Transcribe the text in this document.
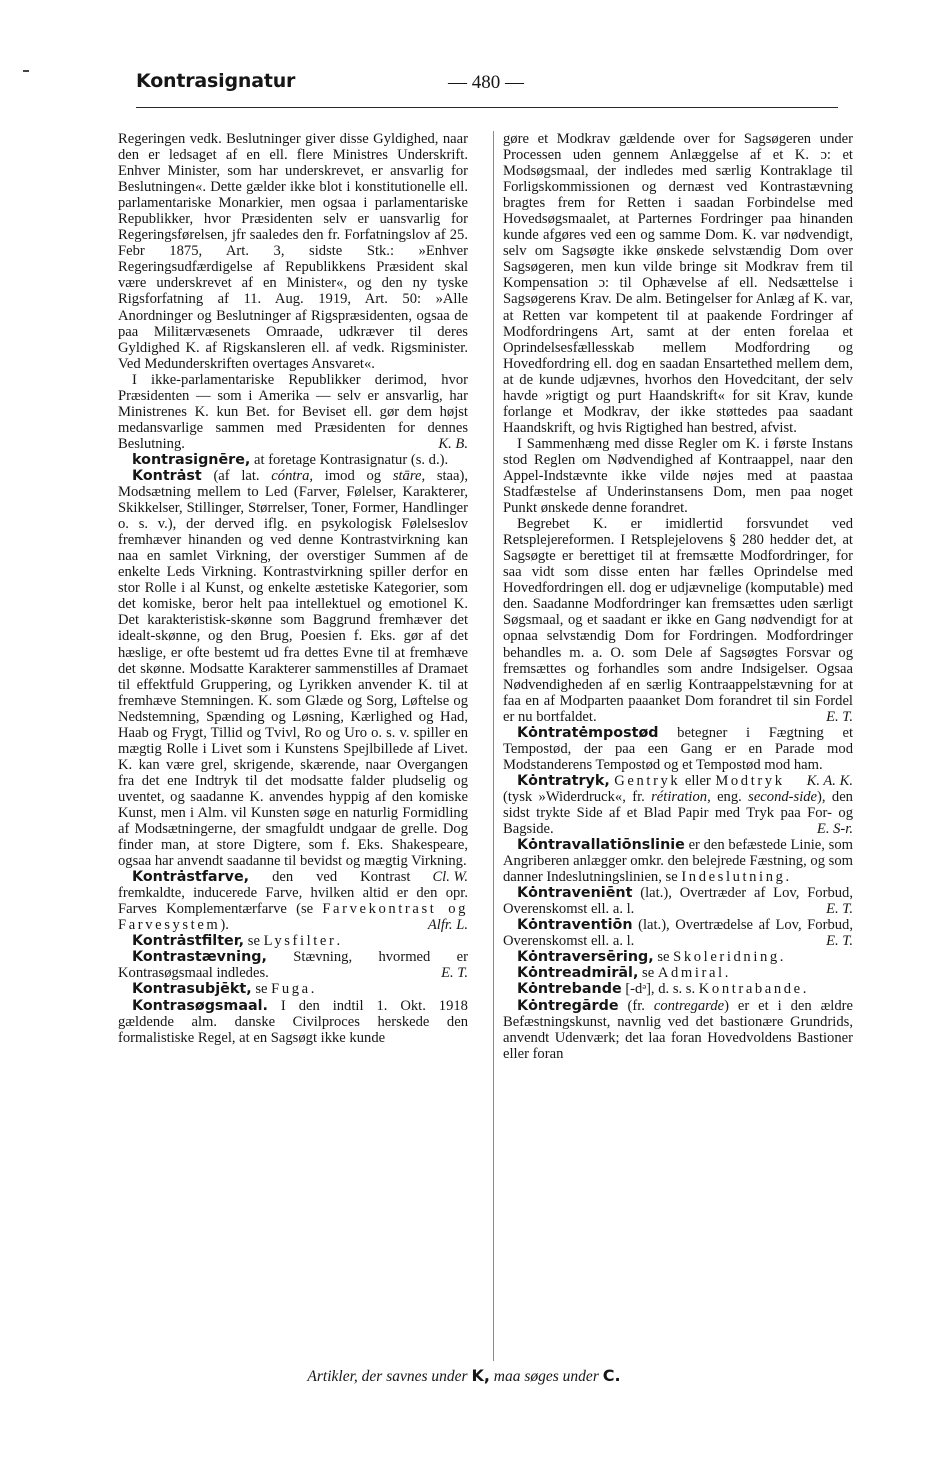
Kontrasignatur	— 480 —

Regeringen vedk. Beslutninger giver disse Gyldighed, naar den er ledsaget af en ell. flere Ministres Underskrift. Enhver Minister, som har underskrevet, er ansvarlig for Beslutningen«. Dette gælder ikke blot i konstitutionelle ell. parlamentariske Monarkier, men ogsaa i parlamentariske Republikker, hvor Præsidenten selv er uansvarlig for Regeringsførelsen, jfr saaledes den fr. Forfatningslov af 25. Febr 1875, Art. 3, sidste Stk.: »Enhver Regeringsudfærdigelse af Republikkens Præsident skal være underskrevet af en Minister«, og den ny tyske Rigsforfatning af 11. Aug. 1919, Art. 50: »Alle Anordninger og Beslutninger af Rigspræsidenten, ogsaa de paa Militærvæsenets Omraade, udkræver til deres Gyldighed K. af Rigskansleren ell. af vedk. Rigsminister. Ved Medunderskriften overtages Ansvaret«.

I ikke-parlamentariske Republikker derimod, hvor Præsidenten — som i Amerika — selv er ansvarlig, har Ministrenes K. kun Bet. for Beviset ell. gør dem højst medansvarlige sammen med Præsidenten for dennes Beslutning.	K. B.

kontrasignēre, at foretage Kontrasignatur (s. d.).

Kontrȧst (af lat. cóntra, imod og stāre, staa), Modsætning mellem to Led (Farver, Følelser, Karakterer, Skikkelser, Stillinger, Størrelser, Toner, Former, Handlinger o. s. v.), der derved iflg. en psykologisk Følelseslov fremhæver hinanden og ved denne Kontrastvirkning kan naa en samlet Virkning, der overstiger Summen af de enkelte Leds Virkning. Kontrastvirkning spiller derfor en stor Rolle i al Kunst, og enkelte æstetiske Kategorier, som det komiske, beror helt paa intellektuel og emotionel K. Det karakteristisk-skønne som Baggrund fremhæver det idealt-skønne, og den Brug, Poesien f. Eks. gør af det hæslige, er ofte bestemt ud fra dettes Evne til at fremhæve det skønne. Modsatte Karakterer sammenstilles af Dramaet til effektfuld Gruppering, og Lyrikken anvender K. til at fremhæve Stemningen. K. som Glæde og Sorg, Løftelse og Nedstemning, Spænding og Løsning, Kærlighed og Had, Haab og Frygt, Tillid og Tvivl, Ro og Uro o. s. v. spiller en mægtig Rolle i Livet som i Kunstens Spejlbillede af Livet. K. kan være grel, skrigende, skærende, naar Overgangen fra det ene Indtryk til det modsatte falder pludselig og uventet, og saadanne K. anvendes hyppig af den komiske Kunst, men i Alm. vil Kunsten søge en naturlig Formidling af Modsætningerne, der smagfuldt undgaar de grelle. Dog finder man, at store Digtere, som f. Eks. Shakespeare, ogsaa har anvendt saadanne til bevidst og mægtig Virkning.
Cl. W.

Kontrȧstfarve, den ved Kontrast fremkaldte, inducerede Farve, hvilken altid er den opr. Farves Komplementærfarve (se Farvekontrast og Farvesystem).	Alfr. L.

Kontrȧstfilter, se Lysfilter.

Kontrastævning, Stævning, hvormed er Kontrasøgsmaal indledes.	E. T.

Kontrasubjēkt, se Fuga.

Kontrasøgsmaal. I den indtil 1. Okt. 1918 gældende alm. danske Civilproces herskede den formalistiske Regel, at en Sagsøgt ikke kunde

gøre et Modkrav gældende over for Sagsøgeren under Processen uden gennem Anlæggelse af et K. ɔ: et Modsøgsmaal, der indledes med særlig Kontraklage til Forligskommissionen og dernæst ved Kontrastævning bragtes frem for Retten i saadan Forbindelse med Hovedsøgsmaalet, at Parternes Fordringer paa hinanden kunde afgøres ved een og samme Dom. K. var nødvendigt, selv om Sagsøgte ikke ønskede selvstændig Dom over Sagsøgeren, men kun vilde bringe sit Modkrav frem til Kompensation ɔ: til Ophævelse af ell. Nedsættelse i Sagsøgerens Krav. De alm. Betingelser for Anlæg af K. var, at Retten var kompetent til at paakende Fordringer af Modfordringens Art, samt at der enten forelaa et Oprindelsesfællesskab mellem Modfordring og Hovedfordring ell. dog en saadan Ensartethed mellem dem, at de kunde udjævnes, hvorhos den Hovedcitant, der selv havde »rigtigt og purt Haandskrift« for sit Krav, kunde forlange et Modkrav, der ikke støttedes paa saadant Haandskrift, og hvis Rigtighed han bestred, afvist.

I Sammenhæng med disse Regler om K. i første Instans stod Reglen om Nødvendighed af Kontraappel, naar den Appel-Indstævnte ikke vilde nøjes med at paastaa Stadfæstelse af Underinstansens Dom, men paa noget Punkt ønskede denne forandret.

Begrebet K. er imidlertid forsvundet ved Retsplejereformen. I Retsplejelovens § 280 hedder det, at Sagsøgte er berettiget til at fremsætte Modfordringer, for saa vidt som disse enten har fælles Oprindelse med Hovedfordringen ell. dog er udjævnelige (komputable) med den. Saadanne Modfordringer kan fremsættes uden særligt Søgsmaal, og et saadant er ikke en Gang nødvendigt for at opnaa selvstændig Dom for Fordringen. Modfordringer behandles m. a. O. som Dele af Sagsøgtes Forsvar og fremsættes og forhandles som andre Indsigelser. Ogsaa Nødvendigheden af en særlig Kontraappelstævning for at faa en af Modparten paaanket Dom forandret til sin Fordel er nu bortfaldet.	E. T.

Kȯntratėmpostød betegner i Fægtning et Tempostød, der paa een Gang er en Parade mod Modstanderens Tempostød og et Tempostød mod ham.
K. A. K.

Kȯntratryk, Gentryk eller Modtryk (tysk »Widerdruck«, fr. rétiration, eng. second-side), den sidst trykte Side af et Blad Papir med Tryk paa For- og Bagside.	E. S-r.

Kȯntravallatiōnslinie er den befæstede Linie, som Angriberen anlægger omkr. den belejrede Fæstning, og som danner Indeslutningslinien, se Indeslutning.

Kȯntraveniēnt (lat.), Overtræder af Lov, Forbud, Overenskomst ell. a. l.	E. T.

Kȯntraventiōn (lat.), Overtrædelse af Lov, Forbud, Overenskomst ell. a. l.	E. T.

Kȯntraversēring, se Skoleridning.

Kȯntreadmirāl, se Admiral.

Kȯntrebande [-dᵊ], d. s. s. Kontrabande.

Kȯntregārde (fr. contregarde) er et i den ældre Befæstningskunst, navnlig ved det bastionære Grundrids, anvendt Udenværk; det laa foran Hovedvoldens Bastioner eller foran

Artikler, der savnes under K, maa søges under C.
